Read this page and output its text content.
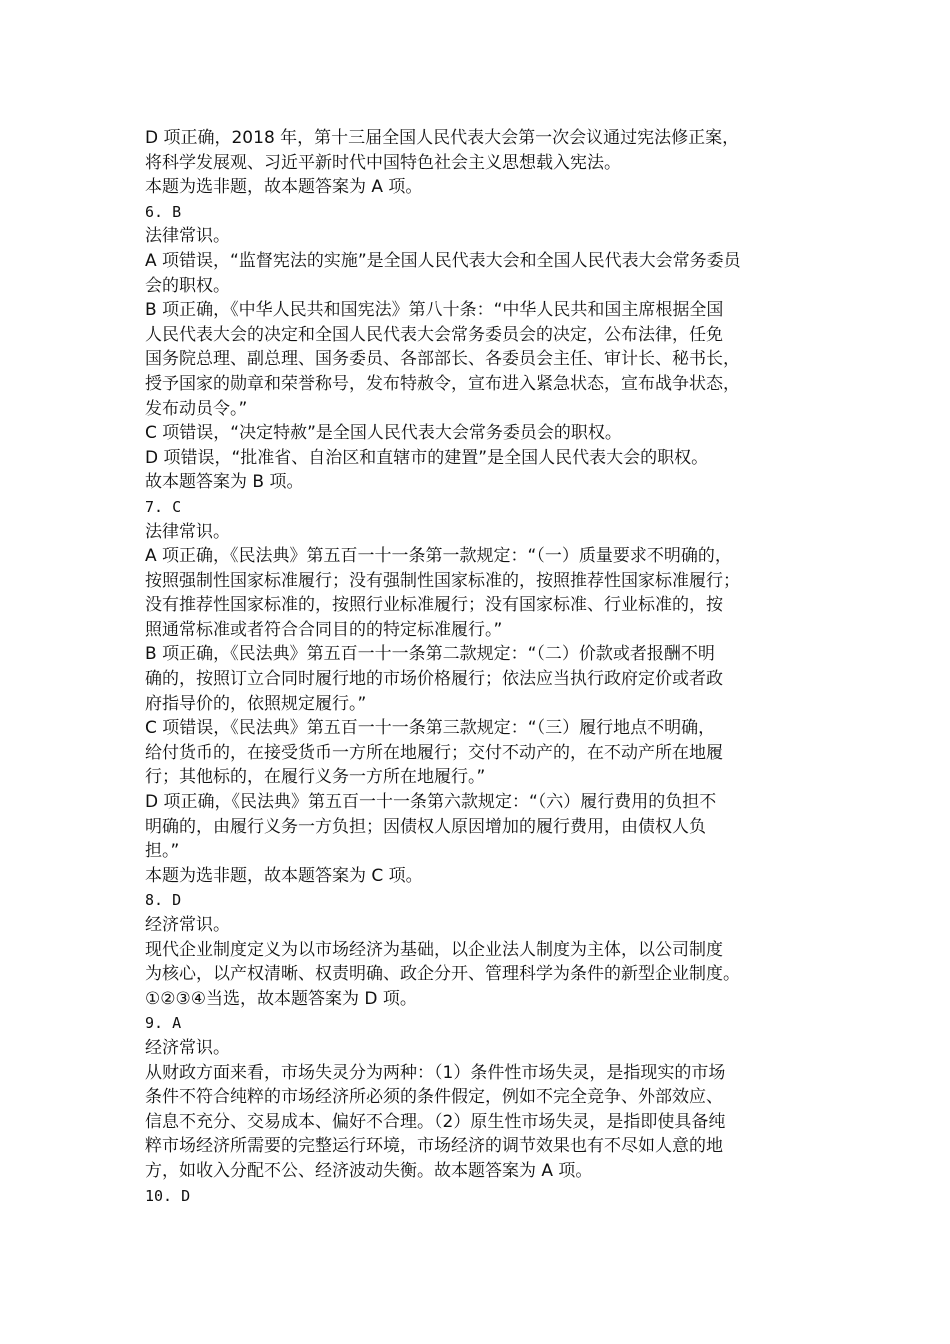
D 项正确，2018 年，第十三届全国人民代表大会第一次会议通过宪法修正案，
将科学发展观、习近平新时代中国特色社会主义思想载入宪法。
本题为选非题，故本题答案为 A 项。
6. B
法律常识。
A 项错误，“监督宪法的实施”是全国人民代表大会和全国人民代表大会常务委员
会的职权。
B 项正确，《中华人民共和国宪法》第八十条：“中华人民共和国主席根据全国
人民代表大会的决定和全国人民代表大会常务委员会的决定，公布法律，任免
国务院总理、副总理、国务委员、各部部长、各委员会主任、审计长、秘书长，
授予国家的勋章和荣誉称号，发布特赦令，宣布进入紧急状态，宣布战争状态，
发布动员令。”
C 项错误，“决定特赦”是全国人民代表大会常务委员会的职权。
D 项错误，“批准省、自治区和直辖市的建置”是全国人民代表大会的职权。
故本题答案为 B 项。
7. C
法律常识。
A 项正确，《民法典》第五百一十一条第一款规定：“（一）质量要求不明确的，
按照强制性国家标准履行；没有强制性国家标准的，按照推荐性国家标准履行；
没有推荐性国家标准的，按照行业标准履行；没有国家标准、行业标准的，按
照通常标准或者符合合同目的的特定标准履行。”
B 项正确，《民法典》第五百一十一条第二款规定：“（二）价款或者报酬不明
确的，按照订立合同时履行地的市场价格履行；依法应当执行政府定价或者政
府指导价的，依照规定履行。”
C 项错误，《民法典》第五百一十一条第三款规定：“（三）履行地点不明确，
给付货币的，在接受货币一方所在地履行；交付不动产的，在不动产所在地履
行；其他标的，在履行义务一方所在地履行。”
D 项正确，《民法典》第五百一十一条第六款规定：“（六）履行费用的负担不
明确的，由履行义务一方负担；因债权人原因增加的履行费用，由债权人负
担。”
本题为选非题，故本题答案为 C 项。
8. D
经济常识。
现代企业制度定义为以市场经济为基础，以企业法人制度为主体，以公司制度
为核心，以产权清晰、权责明确、政企分开、管理科学为条件的新型企业制度。
①②③④当选，故本题答案为 D 项。
9. A
经济常识。
从财政方面来看，市场失灵分为两种：（1）条件性市场失灵，是指现实的市场
条件不符合纯粹的市场经济所必须的条件假定，例如不完全竞争、外部效应、
信息不充分、交易成本、偏好不合理。（2）原生性市场失灵，是指即使具备纯
粹市场经济所需要的完整运行环境，市场经济的调节效果也有不尽如人意的地
方，如收入分配不公、经济波动失衡。故本题答案为 A 项。
10. D
